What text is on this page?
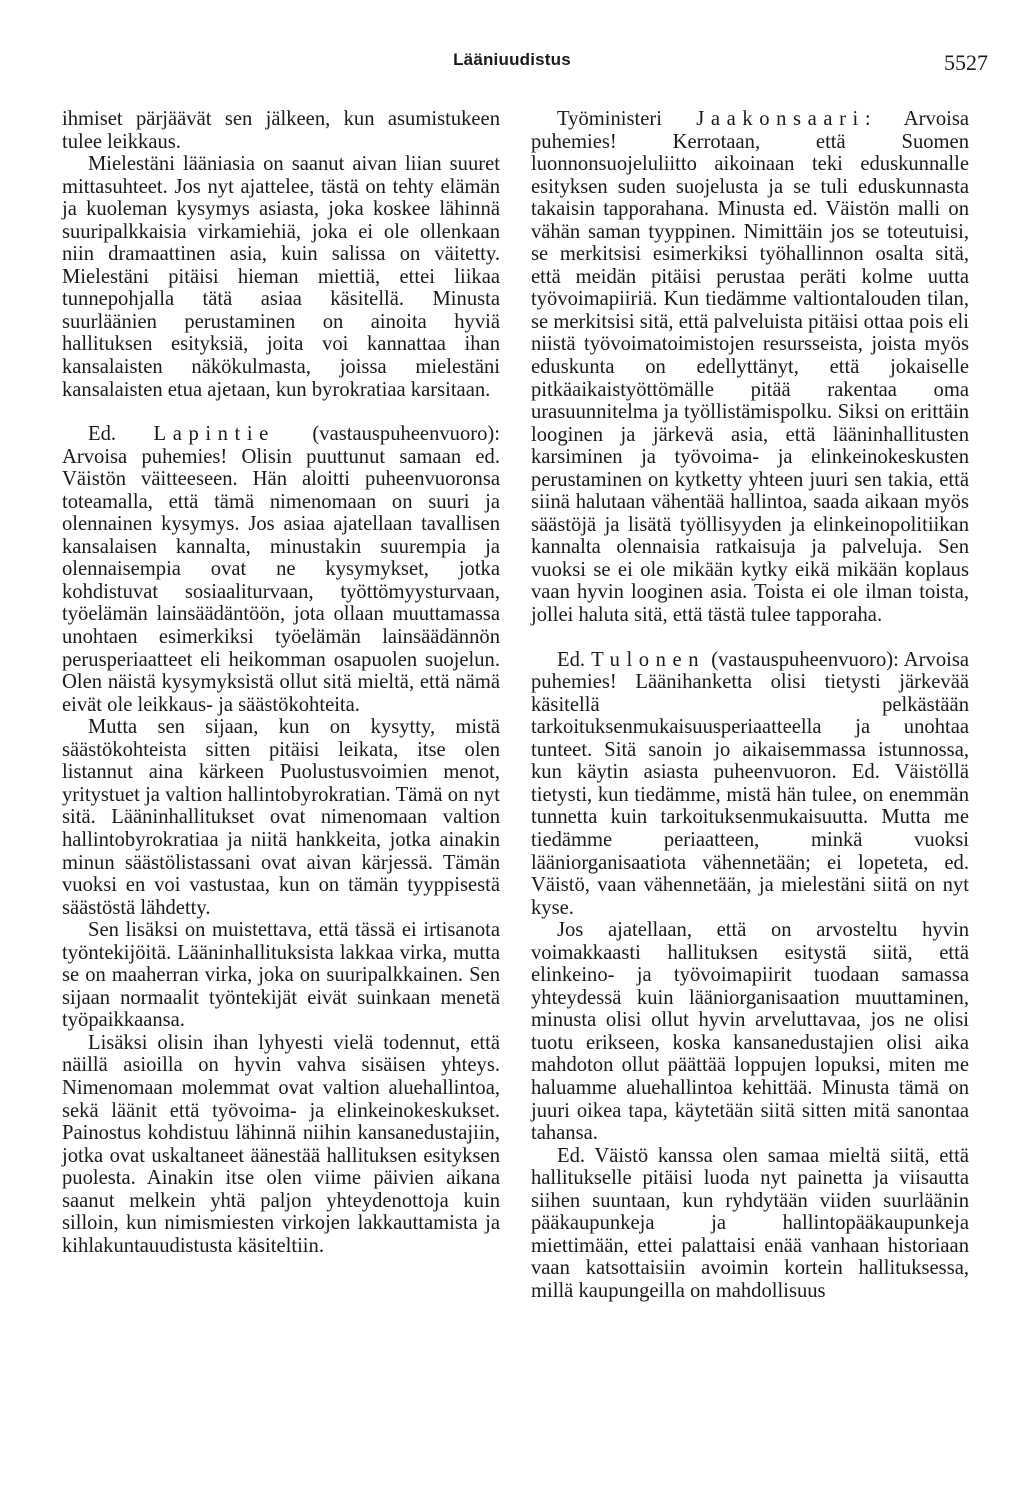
Lääniuudistus	5527

ihmiset pärjäävät sen jälkeen, kun asumistukeen tulee leikkaus.

Mielestäni lääniasia on saanut aivan liian suuret mittasuhteet. Jos nyt ajattelee, tästä on tehty elämän ja kuoleman kysymys asiasta, joka koskee lähinnä suuripalkkaisia virkamiehiä, joka ei ole ollenkaan niin dramaattinen asia, kuin salissa on väitetty. Mielestäni pitäisi hieman miettiä, ettei liikaa tunnepohjalla tätä asiaa käsitellä. Minusta suurläänien perustaminen on ainoita hyviä hallituksen esityksiä, joita voi kannattaa ihan kansalaisten näkökulmasta, joissa mielestäni kansalaisten etua ajetaan, kun byrokratiaa karsitaan.

Ed. Lapintie (vastauspuheenvuoro): Arvoisa puhemies! Olisin puuttunut samaan ed. Väistön väitteeseen. Hän aloitti puheenvuoronsa toteamalla, että tämä nimenomaan on suuri ja olennainen kysymys. Jos asiaa ajatellaan tavallisen kansalaisen kannalta, minustakin suurempia ja olennaisempia ovat ne kysymykset, jotka kohdistuvat sosiaaliturvaan, työttömyysturvaan, työelämän lainsäädäntöön, jota ollaan muuttamassa unohtaen esimerkiksi työelämän lainsäädännön perusperiaatteet eli heikomman osapuolen suojelun. Olen näistä kysymyksistä ollut sitä mieltä, että nämä eivät ole leikkaus- ja säästökohteita.

Mutta sen sijaan, kun on kysytty, mistä säästökohteista sitten pitäisi leikata, itse olen listannut aina kärkeen Puolustusvoimien menot, yritystuet ja valtion hallintobyrokratian. Tämä on nyt sitä. Lääninhallitukset ovat nimenomaan valtion hallintobyrokratiaa ja niitä hankkeita, jotka ainakin minun säästölistassani ovat aivan kärjessä. Tämän vuoksi en voi vastustaa, kun on tämän tyyppisestä säästöstä lähdetty.

Sen lisäksi on muistettava, että tässä ei irtisanota työntekijöitä. Lääninhallituksista lakkaa virka, mutta se on maaherran virka, joka on suuripalkkainen. Sen sijaan normaalit työntekijät eivät suinkaan menetä työpaikkaansa.

Lisäksi olisin ihan lyhyesti vielä todennut, että näillä asioilla on hyvin vahva sisäisen yhteys. Nimenomaan molemmat ovat valtion aluehallintoa, sekä läänit että työvoima- ja elinkeinokeskukset. Painostus kohdistuu lähinnä niihin kansanedustajiin, jotka ovat uskaltaneet äänestää hallituksen esityksen puolesta. Ainakin itse olen viime päivien aikana saanut melkein yhtä paljon yhteydenottoja kuin silloin, kun nimismiesten virkojen lakkauttamista ja kihlakuntauudistusta käsiteltiin.

Työministeri Jaakonsaari: Arvoisa puhemies! Kerrotaan, että Suomen luonnonsuojeluliitto aikoinaan teki eduskunnalle esityksen suden suojelusta ja se tuli eduskunnasta takaisin tapporahana. Minusta ed. Väistön malli on vähän saman tyyppinen. Nimittäin jos se toteutuisi, se merkitsisi esimerkiksi työhallinnon osalta sitä, että meidän pitäisi perustaa peräti kolme uutta työvoimapiiriä. Kun tiedämme valtiontalouden tilan, se merkitsisi sitä, että palveluista pitäisi ottaa pois eli niistä työvoimatoimistojen resursseista, joista myös eduskunta on edellyttänyt, että jokaiselle pitkäaikaistyöttömälle pitää rakentaa oma urasuunnitelma ja työllistämispolku. Siksi on erittäin looginen ja järkevä asia, että lääninhallitusten karsiminen ja työvoima- ja elinkeinokeskusten perustaminen on kytketty yhteen juuri sen takia, että siinä halutaan vähentää hallintoa, saada aikaan myös säästöjä ja lisätä työllisyyden ja elinkeinopolitiikan kannalta olennaisia ratkaisuja ja palveluja. Sen vuoksi se ei ole mikään kytky eikä mikään koplaus vaan hyvin looginen asia. Toista ei ole ilman toista, jollei haluta sitä, että tästä tulee tapporaha.

Ed. Tulonen (vastauspuheenvuoro): Arvoisa puhemies! Läänihanketta olisi tietysti järkevää käsitellä pelkästään tarkoituksenmukaisuusperiaatteella ja unohtaa tunteet. Sitä sanoin jo aikaisemmassa istunnossa, kun käytin asiasta puheenvuoron. Ed. Väistöllä tietysti, kun tiedämme, mistä hän tulee, on enemmän tunnetta kuin tarkoituksenmukaisuutta. Mutta me tiedämme periaatteen, minkä vuoksi lääniorganisaatiota vähennetään; ei lopeteta, ed. Väistö, vaan vähennetään, ja mielestäni siitä on nyt kyse.

Jos ajatellaan, että on arvosteltu hyvin voimakkaasti hallituksen esitystä siitä, että elinkeino- ja työvoimapiirit tuodaan samassa yhteydessä kuin lääniorganisaation muuttaminen, minusta olisi ollut hyvin arveluttavaa, jos ne olisi tuotu erikseen, koska kansanedustajien olisi aika mahdoton ollut päättää loppujen lopuksi, miten me haluamme aluehallintoa kehittää. Minusta tämä on juuri oikea tapa, käytetään siitä sitten mitä sanontaa tahansa.

Ed. Väistö kanssa olen samaa mieltä siitä, että hallitukselle pitäisi luoda nyt painetta ja viisautta siihen suuntaan, kun ryhdytään viiden suurläänin pääkaupunkeja ja hallintopääkaupunkeja miettimään, ettei palattaisi enää vanhaan historiaan vaan katsottaisiin avoimin kortein hallituksessa, millä kaupungeilla on mahdollisuus
